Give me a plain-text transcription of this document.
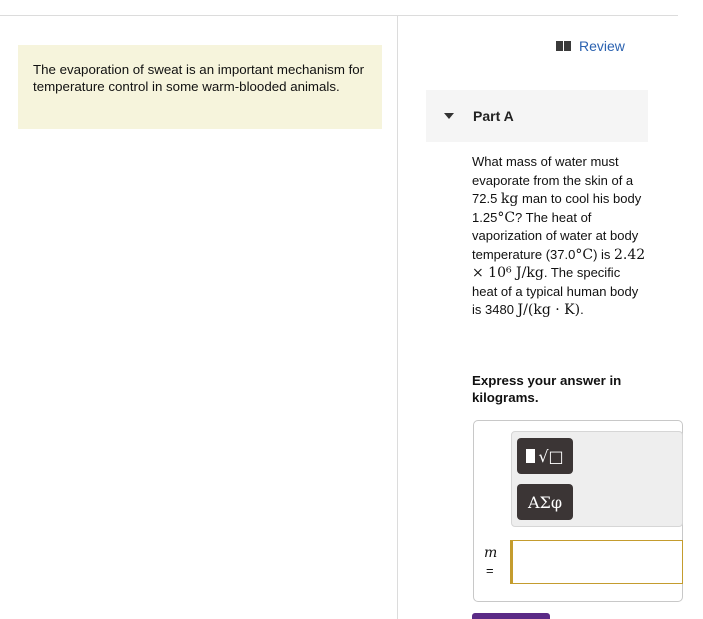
The evaporation of sweat is an important mechanism for temperature control in some warm-blooded animals.
Review
Part A
What mass of water must evaporate from the skin of a 72.5 kg man to cool his body 1.25°C? The heat of vaporization of water at body temperature (37.0°C) is 2.42 × 10⁶ J/kg. The specific heat of a typical human body is 3480 J/(kg · K).
Express your answer in kilograms.
√□
ΑΣφ
m
=
